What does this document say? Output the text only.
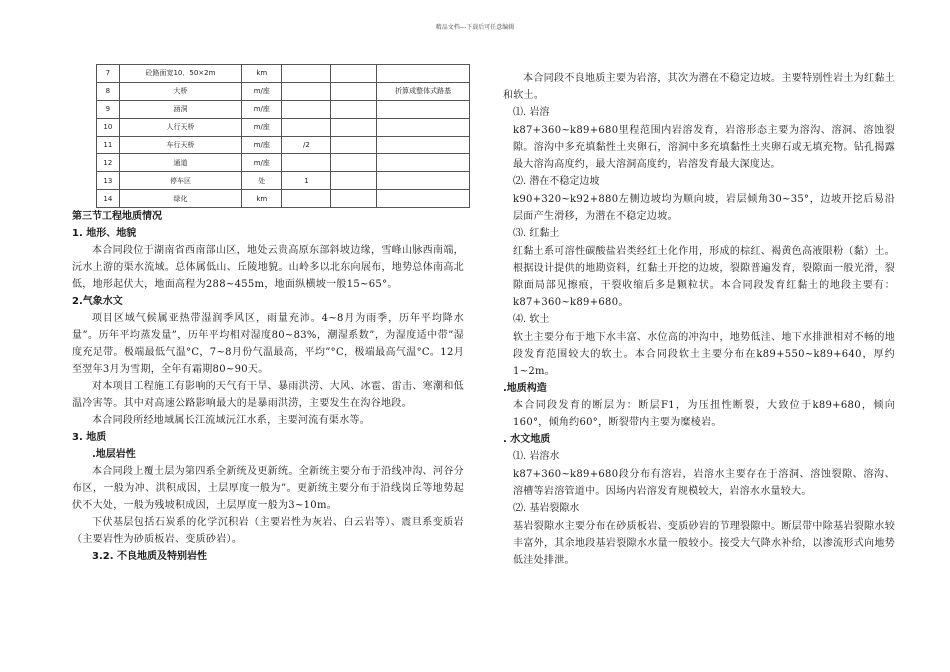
精品文档---下载后可任意编辑
7	砼路面宽10．50×2m	km			
8	大桥	m/座			折算成整体式路基
9	涵洞	m/座			
10	人行天桥	m/座			
11	车行天桥	m/座	/2		
12	通道	m/座			
13	停车区	处	1		
14	绿化	km			

第三节工程地质情况

1. 地形、地貌

本合同段位于湖南省西南部山区，地处云贵高原东部斜坡边缘，雪峰山脉西南端，沅水上游的渠水流域。总体属低山、丘陵地貌。山岭多以北东向展布，地势总体南高北低，地形起伏大，地面高程为288~455m，地面纵横坡一般15~65°。

2.气象水文

项目区域气候属亚热带湿润季风区，雨量充沛。4~8月为雨季，历年平均降水量”。历年平均蒸发量”，历年平均相对湿度80~83%，潮湿系数”，为湿度适中带”湿度充足带。极端最低气温°C，7~8月份气温最高，平均”°C，极端最高气温°C。12月至翌年3月为雪期，全年有霜期80~90天。

对本项目工程施工有影响的天气有干旱、暴雨洪涝、大风、冰雹、雷击、寒潮和低温冷害等。其中对高速公路影响最大的是暴雨洪涝，主要发生在沟谷地段。

本合同段所经地域属长江流域沅江水系，主要河流有渠水等。

3. 地质

.地层岩性

本合同段上覆土层为第四系全新统及更新统。全新统主要分布于沿线冲沟、河谷分布区，一般为冲、洪积成因，土层厚度一般为”。更新统主要分布于沿线岗丘等地势起伏不大处，一般为残坡积成因，土层厚度一般为3~10m。

下伏基层包括石炭系的化学沉积岩（主要岩性为灰岩、白云岩等）、震旦系变质岩（主要岩性为砂质板岩、变质砂岩）。

3.2. 不良地质及特别岩性

本合同段不良地质主要为岩溶，其次为潜在不稳定边坡。主要特别性岩土为红黏土和软土。

⑴. 岩溶

k87+360~k89+680里程范围内岩溶发育，岩溶形态主要为溶沟、溶洞、溶蚀裂隙。溶沟中多充填黏性土夹卵石，溶洞中多充填黏性土夹卵石或无填充物。钻孔揭露最大溶沟高度约，最大溶洞高度约，岩溶发育最大深度达。

⑵. 潜在不稳定边坡

k90+320~k92+880左侧边坡均为顺向坡，岩层倾角30~35°，边坡开挖后易沿层面产生滑移，为潜在不稳定边坡。

⑶. 红黏土

红黏土系可溶性碳酸盐岩类经红土化作用，形成的棕红、褐黄色高液限粉（黏）土。根据设计提供的地勘资料，红黏土开挖的边坡，裂隙普遍发育，裂隙面一般光滑，裂隙面局部见擦痕，干裂收缩后多是颗粒状。本合同段发育红黏土的地段主要有：k87+360~k89+680。

⑷. 软土

软土主要分布于地下水丰富、水位高的冲沟中，地势低洼、地下水排泄相对不畅的地段发育范围较大的软土。本合同段软土主要分布在k89+550~k89+640，厚约1~2m。

.地质构造

本合同段发育的断层为：断层F1，为压扭性断裂，大致位于k89+680，倾向160°，倾角约60°，断裂带内主要为糜棱岩。

. 水文地质

⑴. 岩溶水

k87+360~k89+680段分布有溶岩，岩溶水主要存在于溶洞、溶蚀裂隙、溶沟、溶槽等岩溶管道中。因场内岩溶发育规模较大，岩溶水水量较大。

⑵. 基岩裂隙水

基岩裂隙水主要分布在砂质板岩、变质砂岩的节理裂隙中。断层带中除基岩裂隙水较丰富外，其余地段基岩裂隙水水量一般较小。接受大气降水补给，以渗流形式向地势低洼处排泄。
